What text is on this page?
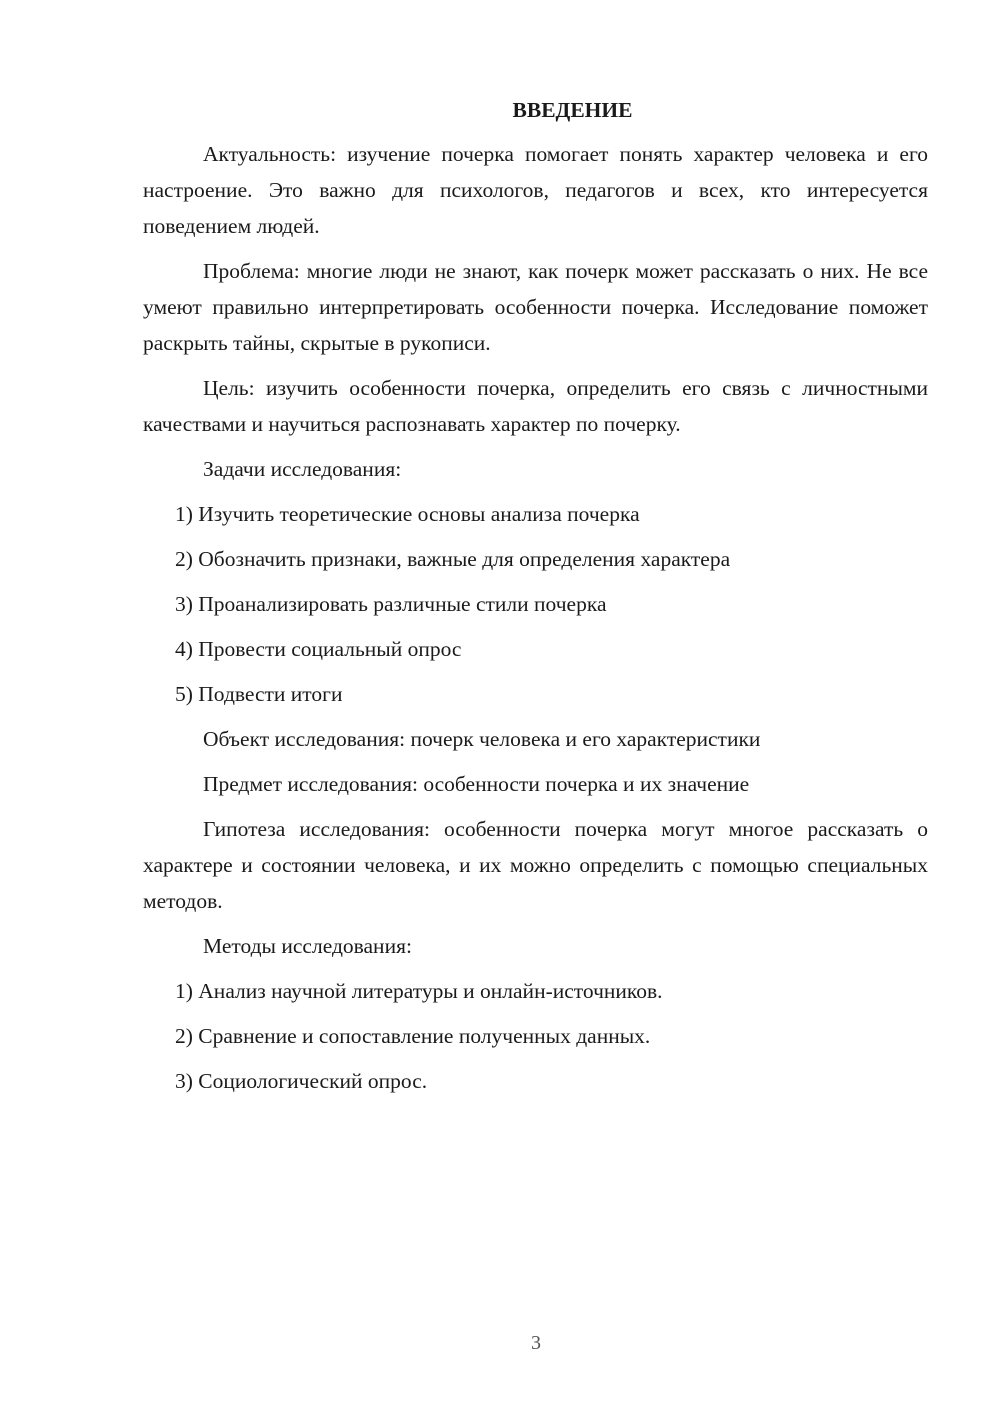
ВВЕДЕНИЕ

Актуальность: изучение почерка помогает понять характер человека и его настроение. Это важно для психологов, педагогов и всех, кто интересуется поведением людей.

Проблема: многие люди не знают, как почерк может рассказать о них. Не все умеют правильно интерпретировать особенности почерка. Исследование поможет раскрыть тайны, скрытые в рукописи.

Цель: изучить особенности почерка, определить его связь с личностными качествами и научиться распознавать характер по почерку.

Задачи исследования:
1) Изучить теоретические основы анализа почерка
2) Обозначить признаки, важные для определения характера
3) Проанализировать различные стили почерка
4) Провести социальный опрос
5) Подвести итоги
Объект исследования: почерк человека и его характеристики
Предмет исследования: особенности почерка и их значение

Гипотеза исследования: особенности почерка могут многое рассказать о характере и состоянии человека, и их можно определить с помощью специальных методов.

Методы исследования:
1) Анализ научной литературы и онлайн-источников.
2) Сравнение и сопоставление полученных данных.
3) Социологический опрос.
3
